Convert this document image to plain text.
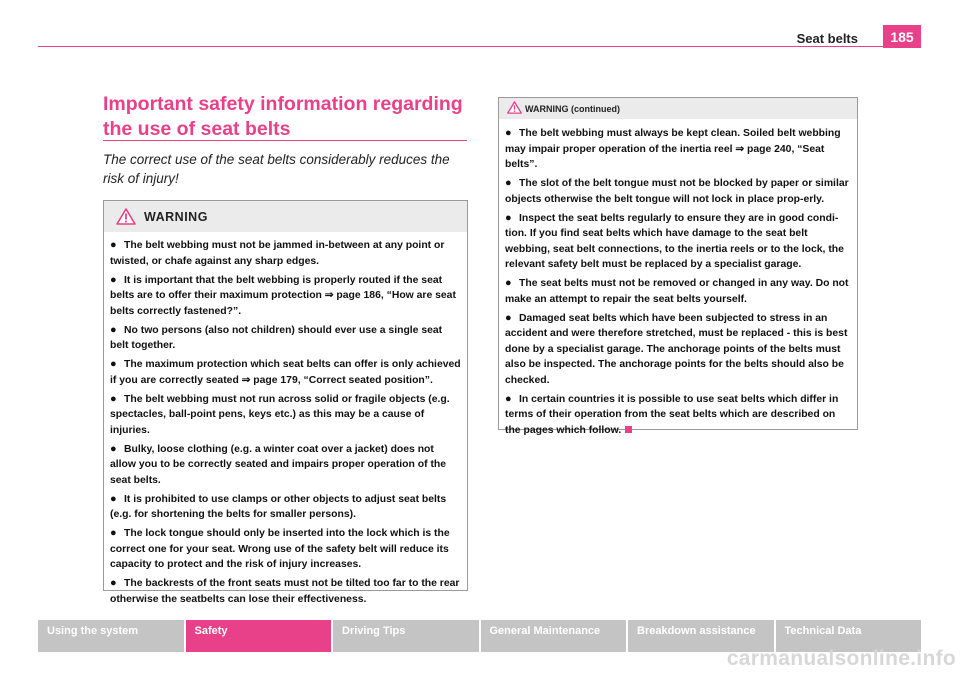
Seat belts	185
Important safety information regarding the use of seat belts

The correct use of the seat belts considerably reduces the risk of injury!

WARNING
● The belt webbing must not be jammed in-between at any point or twisted, or chafe against any sharp edges.
● It is important that the belt webbing is properly routed if the seat belts are to offer their maximum protection ⇒ page 186, “How are seat belts correctly fastened?”.
● No two persons (also not children) should ever use a single seat belt together.
● The maximum protection which seat belts can offer is only achieved if you are correctly seated ⇒ page 179, “Correct seated position”.
● The belt webbing must not run across solid or fragile objects (e.g. spectacles, ball-point pens, keys etc.) as this may be a cause of injuries.
● Bulky, loose clothing (e.g. a winter coat over a jacket) does not allow you to be correctly seated and impairs proper operation of the seat belts.
● It is prohibited to use clamps or other objects to adjust seat belts (e.g. for shortening the belts for smaller persons).
● The lock tongue should only be inserted into the lock which is the correct one for your seat. Wrong use of the safety belt will reduce its capacity to protect and the risk of injury increases.
● The backrests of the front seats must not be tilted too far to the rear otherwise the seatbelts can lose their effectiveness.
WARNING (continued)
● The belt webbing must always be kept clean. Soiled belt webbing may impair proper operation of the inertia reel ⇒ page 240, “Seat belts”.
● The slot of the belt tongue must not be blocked by paper or similar objects otherwise the belt tongue will not lock in place prop-erly.
● Inspect the seat belts regularly to ensure they are in good condi-tion. If you find seat belts which have damage to the seat belt webbing, seat belt connections, to the inertia reels or to the lock, the relevant safety belt must be replaced by a specialist garage.
● The seat belts must not be removed or changed in any way. Do not make an attempt to repair the seat belts yourself.
● Damaged seat belts which have been subjected to stress in an accident and were therefore stretched, must be replaced - this is best done by a specialist garage. The anchorage points of the belts must also be inspected. The anchorage points for the belts should also be checked.
● In certain countries it is possible to use seat belts which differ in terms of their operation from the seat belts which are described on the pages which follow.
Using the system	Safety	Driving Tips	General Maintenance	Breakdown assistance	Technical Data
carmanualsonline.info
